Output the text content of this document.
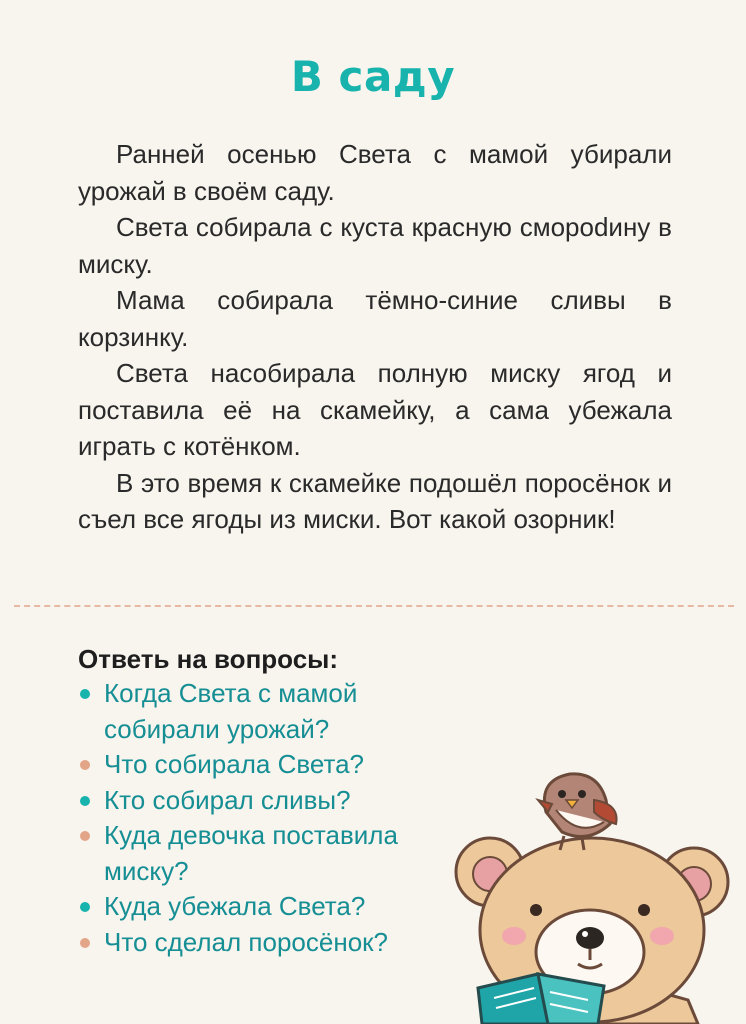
В саду

Ранней осенью Света с мамой убирали урожай в своём саду.

Света собирала с куста красную смороdину в миску.

Мама собирала тёмно-синие сливы в корзинку.

Света насобирала полную миску ягод и поставила её на скамейку, а сама убежала играть с котёнком.

В это время к скамейке подошёл поросёнок и съел все ягоды из миски. Вот какой озорник!

Ответь на вопросы:
Когда Света с мамой собирали урожай?
Что собирала Света?
Кто собирал сливы?
Куда девочка поставила миску?
Куда убежала Света?
Что сделал поросёнок?
